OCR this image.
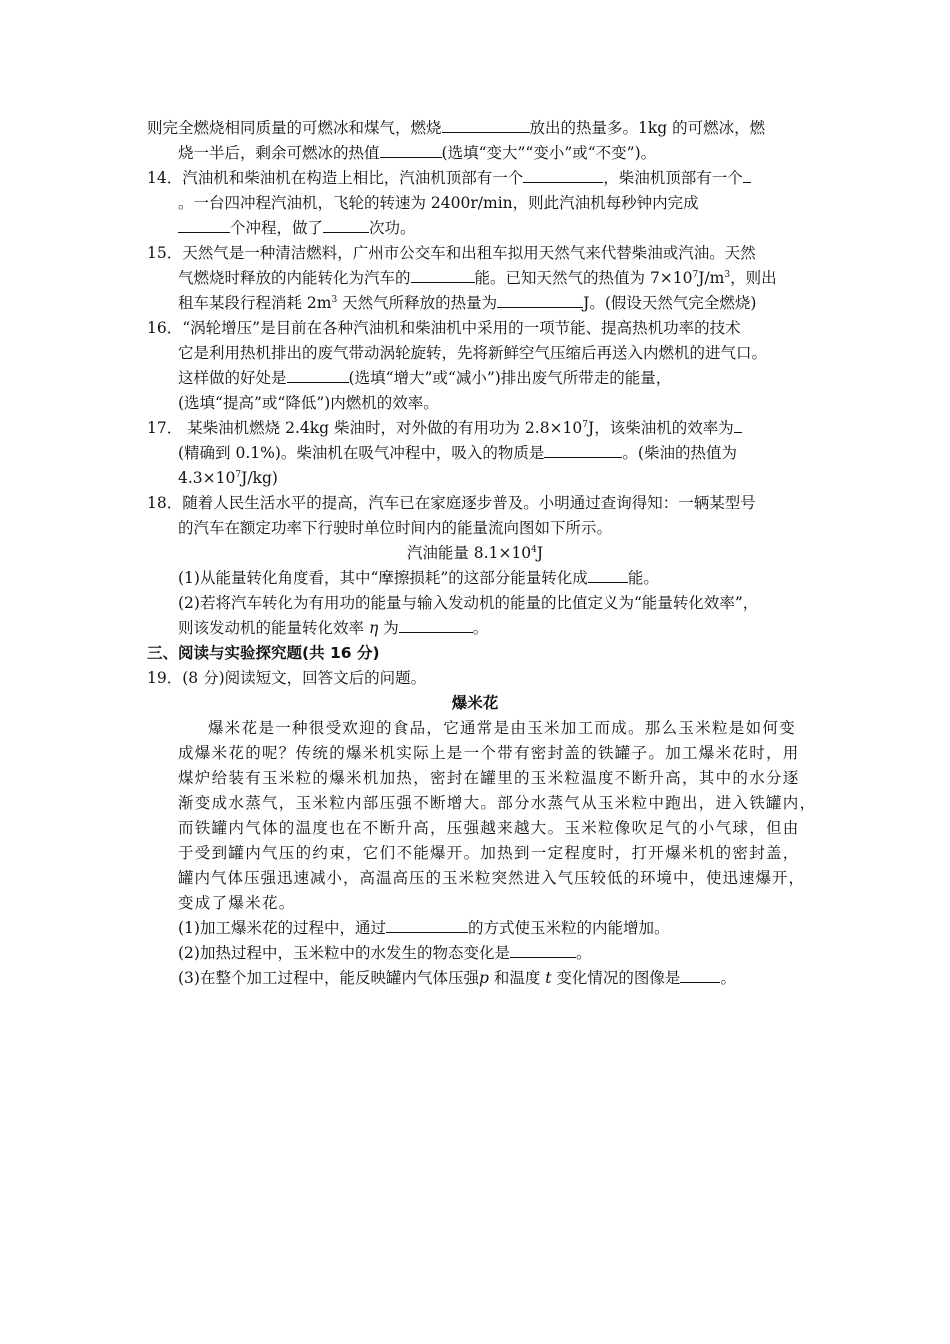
则完全燃烧相同质量的可燃冰和煤气，燃烧	放出的热量多。1kg 的可燃冰，燃
烧一半后，剩余可燃冰的热值	(选填“变大”“变小”或“不变”)。
14．汽油机和柴油机在构造上相比，汽油机顶部有一个	，柴油机顶部有一个
。一台四冲程汽油机，飞轮的转速为 2400r/min，则此汽油机每秒钟内完成
个冲程，做了	次功。
15．天然气是一种清洁燃料，广州市公交车和出租车拟用天然气来代替柴油或汽油。天然
气燃烧时释放的内能转化为汽车的	能。已知天然气的热值为 $7\times 10^7J/m^3$，则出
租车某段行程消耗 $2m^3$ 天然气所释放的热量为	J。(假设天然气完全燃烧)
16．“涡轮增压”是目前在各种汽油机和柴油机中采用的一项节能、提高热机功率的技术
它是利用热机排出的废气带动涡轮旋转，先将新鲜空气压缩后再送入内燃机的进气口。
这样做的好处是	(选填“增大”或“减小”)排出废气所带走的能量，
(选填“提高”或“降低”)内燃机的效率。
17． 某柴油机燃烧 2.4kg 柴油时，对外做的有用功为 $2.8\times 10^7J$，该柴油机的效率为
(精确到 0.1%)。柴油机在吸气冲程中，吸入的物质是	。(柴油的热值为
$4.3\times 10^7J/kg$)
18．随着人民生活水平的提高，汽车已在家庭逐步普及。小明通过查询得知：一辆某型号
的汽车在额定功率下行驶时单位时间内的能量流向图如下所示。
汽油能量 $8.1\times 10^4J$
(1)从能量转化角度看，其中“摩擦损耗”的这部分能量转化成	能。
(2)若将汽车转化为有用功的能量与输入发动机的能量的比值定义为“能量转化效率”，
则该发动机的能量转化效率 η 为	。
三、阅读与实验探究题(共 16 分)
19．(8 分)阅读短文，回答文后的问题。
爆米花
爆米花是一种很受欢迎的食品，它通常是由玉米加工而成。那么玉米粒是如何变
成爆米花的呢？传统的爆米机实际上是一个带有密封盖的铁罐子。加工爆米花时，用
煤炉给装有玉米粒的爆米机加热，密封在罐里的玉米粒温度不断升高，其中的水分逐
渐变成水蒸气，玉米粒内部压强不断增大。部分水蒸气从玉米粒中跑出，进入铁罐内，
而铁罐内气体的温度也在不断升高，压强越来越大。玉米粒像吹足气的小气球，但由
于受到罐内气压的约束，它们不能爆开。加热到一定程度时，打开爆米机的密封盖，
罐内气体压强迅速减小，高温高压的玉米粒突然进入气压较低的环境中，使迅速爆开，
变成了爆米花。
(1)加工爆米花的过程中，通过	的方式使玉米粒的内能增加。
(2)加热过程中，玉米粒中的水发生的物态变化是	。
(3)在整个加工过程中，能反映罐内气体压强p 和温度 t 变化情况的图像是	。
